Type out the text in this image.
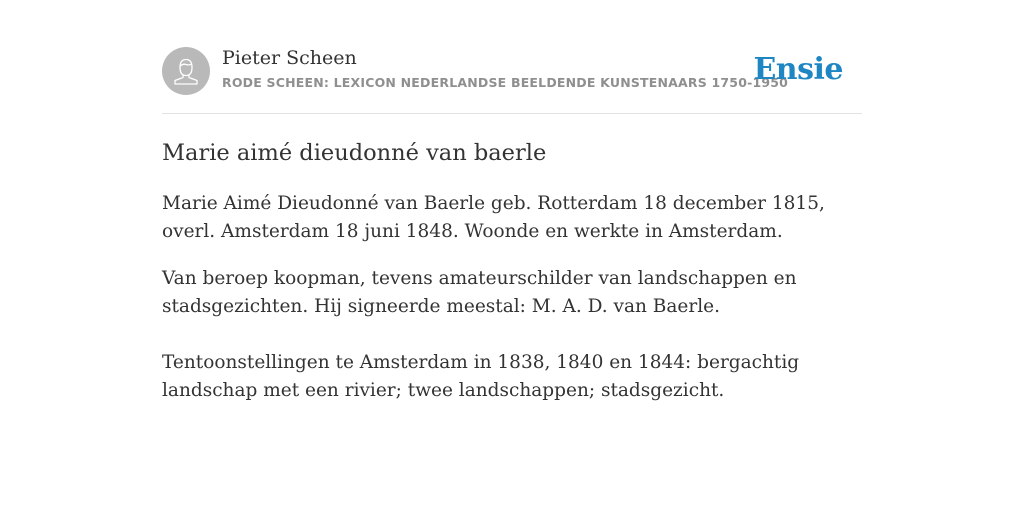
Pieter Scheen
RODE SCHEEN: LEXICON NEDERLANDSE BEELDENDE KUNSTENAARS 1750-1950
Ensie
Marie aimé dieudonné van baerle

Marie Aimé Dieudonné van Baerle geb. Rotterdam 18 december 1815, overl. Amsterdam 18 juni 1848. Woonde en werkte in Amsterdam.

Van beroep koopman, tevens amateurschilder van landschappen en stadsgezichten. Hij signeerde meestal: M. A. D. van Baerle.

Tentoonstellingen te Amsterdam in 1838, 1840 en 1844: bergachtig landschap met een rivier; twee landschappen; stadsgezicht.
